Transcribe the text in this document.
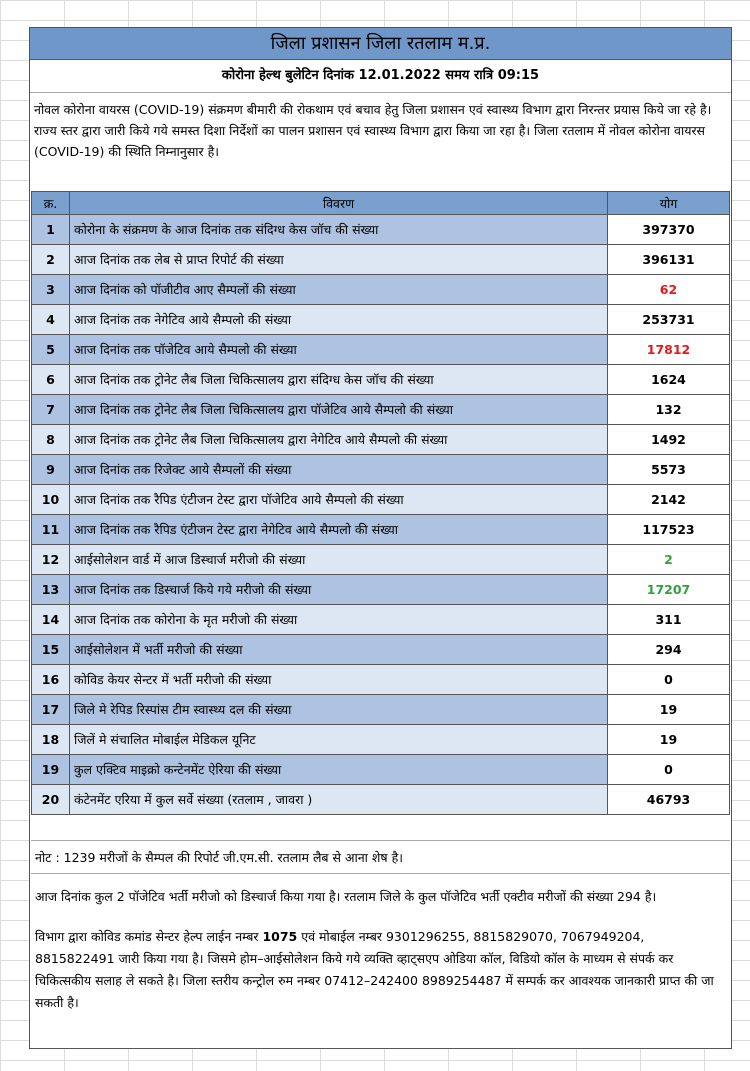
जिला प्रशासन जिला रतलाम म.प्र.
कोरोना हेल्थ बुलेटिन दिनांक 12.01.2022 समय रात्रि 09:15
नोवल कोरोना वायरस (COVID-19) संक्रमण बीमारी की रोकथाम एवं बचाव हेतु जिला प्रशासन एवं स्वास्थ्य विभाग द्वारा निरन्तर प्रयास किये जा रहे है। राज्य स्तर द्वारा जारी किये गये समस्त दिशा निर्देशों का पालन प्रशासन एवं स्वास्थ्य विभाग द्वारा किया जा रहा है। जिला रतलाम में नोवल कोरोना वायरस (COVID-19) की स्थिति निम्नानुसार है।
क्र.	विवरण	योग
1	कोरोना के संक्रमण के आज दिनांक तक संदिग्ध केस जॉच की संख्या	397370
2	आज दिनांक तक लेब से प्राप्त रिपोर्ट की संख्या	396131
3	आज दिनांक को पॉजीटीव आए सैम्पलों की संख्या	62
4	आज दिनांक तक नेगेटिव आये सैम्पलो की संख्या	253731
5	आज दिनांक तक पॉजेटिव आये सैम्पलो की संख्या	17812
6	आज दिनांक तक ट्रोनेट लैब जिला चिकित्सालय द्वारा संदिग्ध केस जॉच की संख्या	1624
7	आज दिनांक तक ट्रोनेट लैब जिला चिकित्सालय द्वारा पॉजेटिव आये सैम्पलो की संख्या	132
8	आज दिनांक तक ट्रोनेट लैब जिला चिकित्सालय द्वारा नेगेटिव आये सैम्पलो की संख्या	1492
9	आज दिनांक तक रिजेक्ट आये सैम्पलों की संख्या	5573
10	आज दिनांक तक रैपिड एंटीजन टेस्ट द्वारा पॉजेटिव आये सैम्पलो की संख्या	2142
11	आज दिनांक तक रैपिड एंटीजन टेस्ट द्वारा नेगेटिव आये सैम्पलो की संख्या	117523
12	आईसोलेशन वार्ड में आज डिस्चार्ज मरीजो की संख्या	2
13	आज दिनांक तक डिस्चार्ज किये गये मरीजो की संख्या	17207
14	आज दिनांक तक कोरोना के मृत मरीजो की संख्या	311
15	आईसोलेशन में भर्ती मरीजो की संख्या	294
16	कोविड केयर सेन्टर में भर्ती मरीजो की संख्या	0
17	जिले मे रेपिड रिस्पांस टीम स्वास्थ्य दल की संख्या	19
18	जिलें मे संचालित मोबाईल मेडिकल यूनिट	19
19	कुल एक्टिव माइक्रो कन्टेनमेंट ऐरिया की संख्या	0
20	कंटेनमेंट एरिया में कुल सर्वे संख्या (रतलाम , जावरा )	46793
नोट : 1239 मरीजों के सैम्पल की रिपोर्ट जी.एम.सी. रतलाम लैब से आना शेष है।
आज दिनांक कुल 2 पॉजेटिव भर्ती मरीजो को डिस्चार्ज किया गया है। रतलाम जिले के कुल पॉजेटिव भर्ती एक्टीव मरीजों की संख्या 294 है।
विभाग द्वारा कोविड कमांड सेन्टर हेल्प लाईन नम्बर 1075 एवं मोबाईल नम्बर 9301296255, 8815829070, 7067949204, 8815822491 जारी किया गया है। जिसमे होम–आईसोलेशन किये गये व्यक्ति व्हाट्सएप ओडिया कॉल, विडियो कॉल के माध्यम से संपर्क कर चिकित्सकीय सलाह ले सकते है। जिला स्तरीय कन्ट्रोल रुम नम्बर 07412–242400 8989254487 में सम्पर्क कर आवश्यक जानकारी प्राप्त की जा सकती है।
